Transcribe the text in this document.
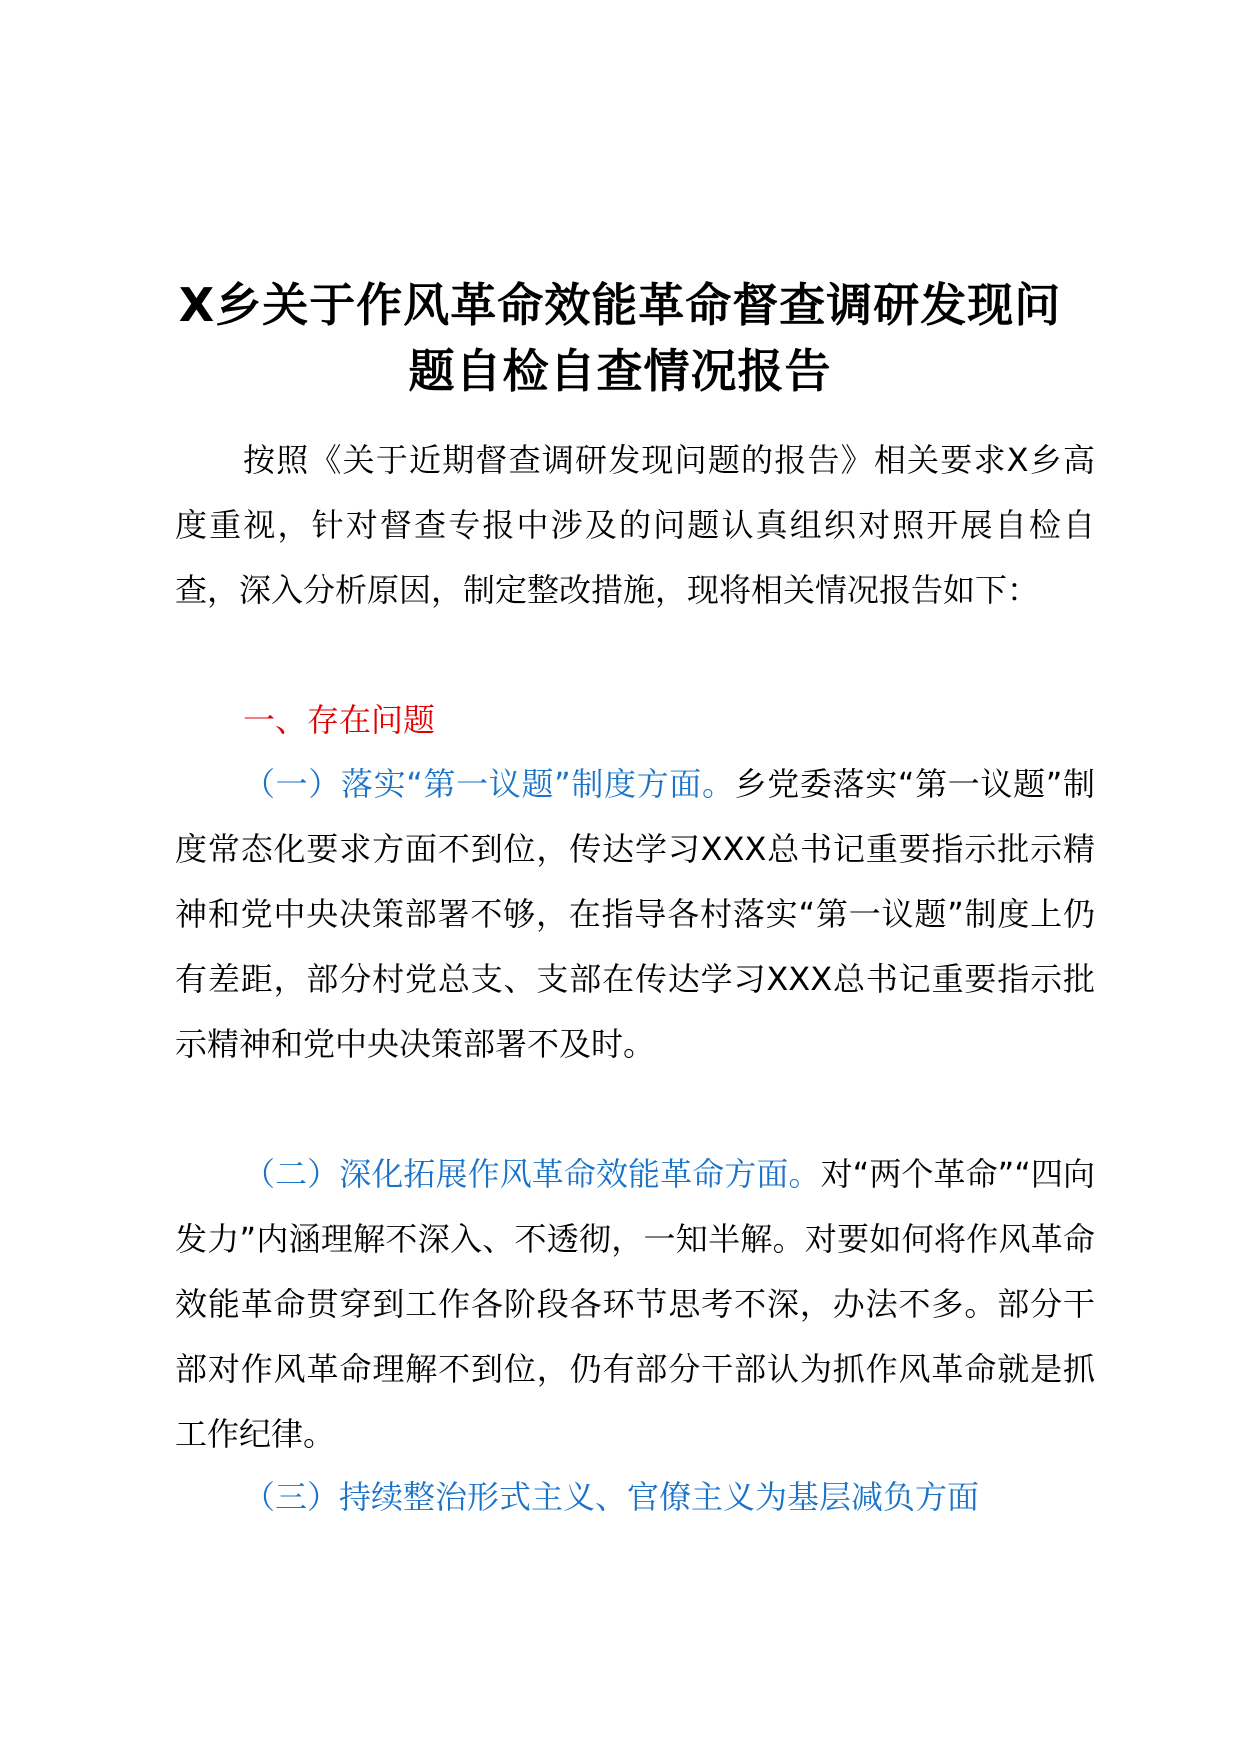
X乡关于作风革命效能革命督查调研发现问
题自检自查情况报告
按照《关于近期督查调研发现问题的报告》相关要求X乡高度重视，针对督查专报中涉及的问题认真组织对照开展自检自查，深入分析原因，制定整改措施，现将相关情况报告如下：
一、存在问题
（一）落实“第一议题”制度方面。乡党委落实“第一议题”制度常态化要求方面不到位，传达学习XXX总书记重要指示批示精神和党中央决策部署不够，在指导各村落实“第一议题”制度上仍有差距，部分村党总支、支部在传达学习XXX总书记重要指示批示精神和党中央决策部署不及时。
（二）深化拓展作风革命效能革命方面。对“两个革命”“四向发力”内涵理解不深入、不透彻，一知半解。对要如何将作风革命效能革命贯穿到工作各阶段各环节思考不深，办法不多。部分干部对作风革命理解不到位，仍有部分干部认为抓作风革命就是抓工作纪律。
（三）持续整治形式主义、官僚主义为基层减负方面
